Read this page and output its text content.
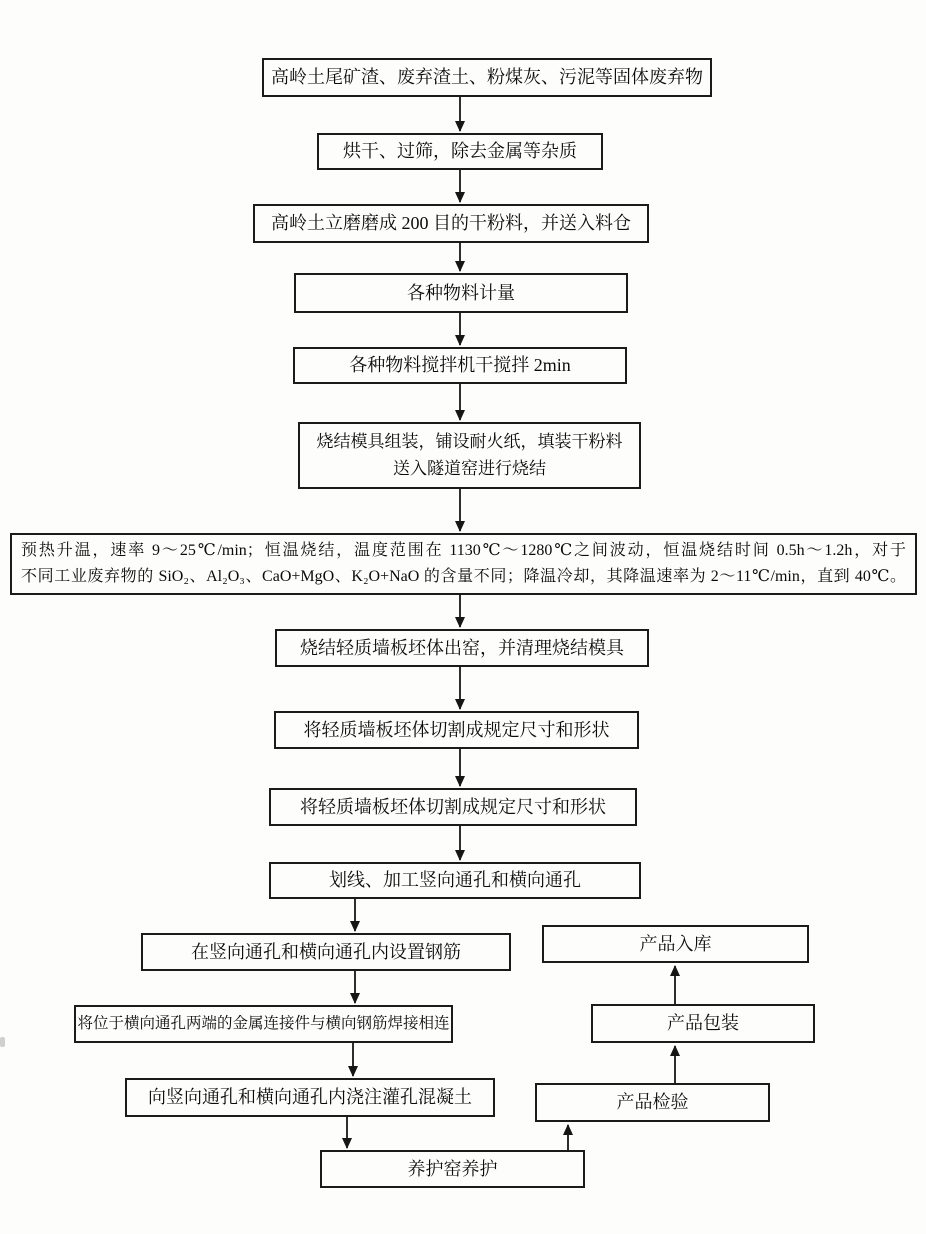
高岭土尾矿渣、废弃渣土、粉煤灰、污泥等固体废弃物
烘干、过筛，除去金属等杂质
高岭土立磨磨成 200 目的干粉料，并送入料仓
各种物料计量
各种物料搅拌机干搅拌 2min
烧结模具组装，铺设耐火纸，填装干粉料
送入隧道窑进行烧结
预热升温，速率 9～25℃/min；恒温烧结，温度范围在 1130℃～1280℃之间波动，恒温烧结时间 0.5h～1.2h，对于
不同工业废弃物的 SiO₂、Al₂O₃、CaO+MgO、K₂O+NaO 的含量不同；降温冷却，其降温速率为 2～11℃/min，直到 40℃。
烧结轻质墙板坯体出窑，并清理烧结模具
将轻质墙板坯体切割成规定尺寸和形状
将轻质墙板坯体切割成规定尺寸和形状
划线、加工竖向通孔和横向通孔
在竖向通孔和横向通孔内设置钢筋
将位于横向通孔两端的金属连接件与横向钢筋焊接相连
向竖向通孔和横向通孔内浇注灌孔混凝土
养护窑养护
产品检验
产品包装
产品入库
